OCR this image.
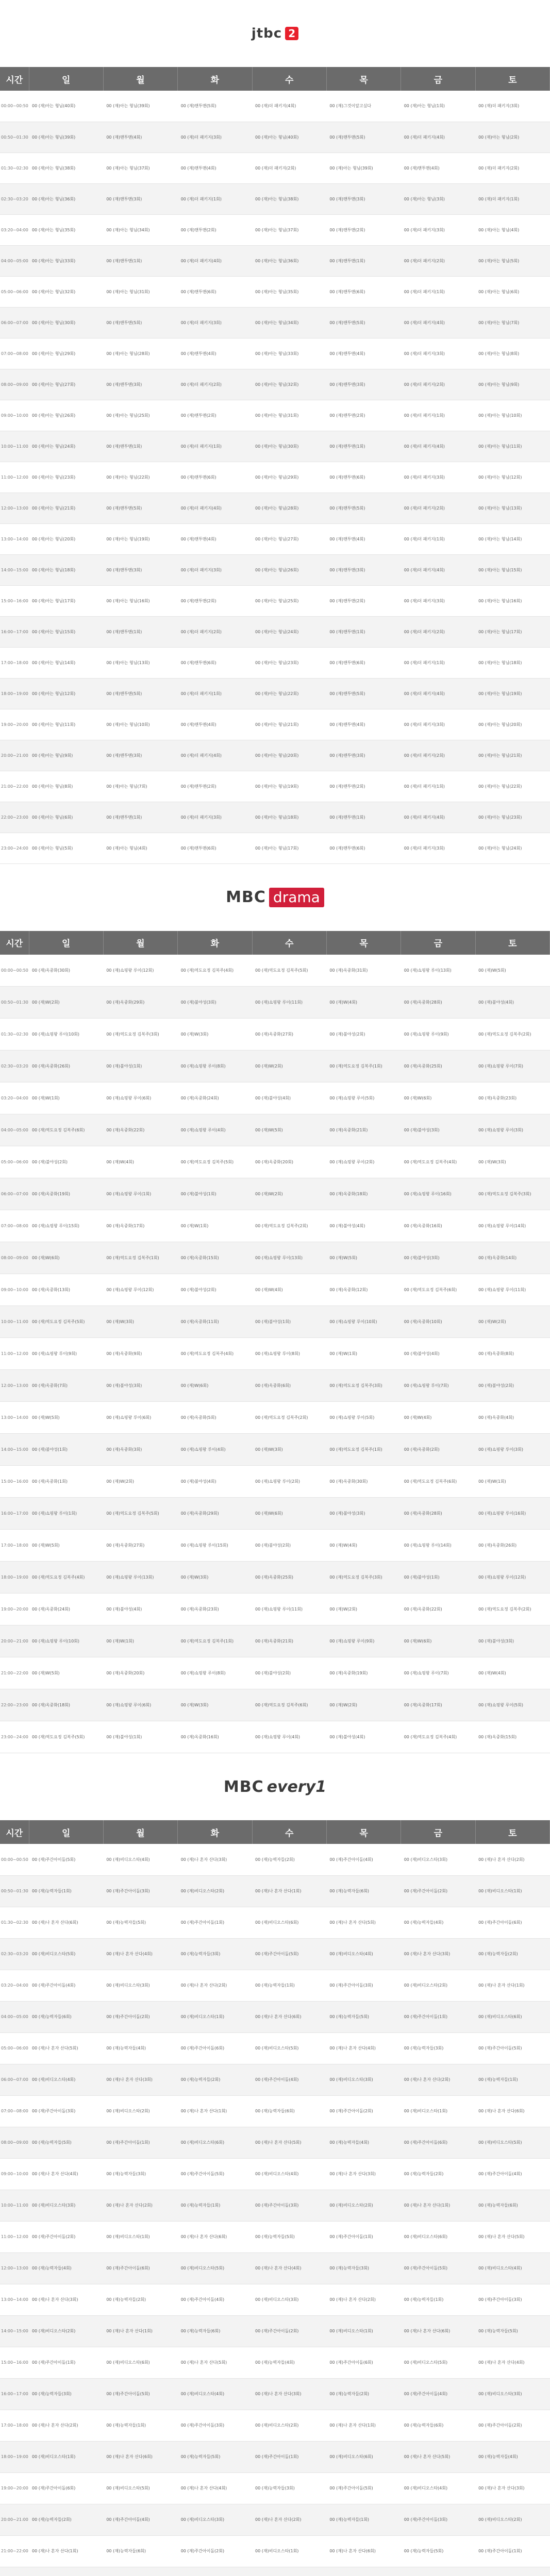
jtbc 2
시간	일	월	화	수	목	금	토
00:00~00:50	00 (재)아는 형님(40회)	00 (재)아는 형님(39회)	00 (재)맨투맨(5회)	00 (재)더 패키지(4회)	00 (재)그것이알고싶다	00 (재)아는 형님(1회)	00 (재)더 패키지(3회)
00:50~01:30	00 (재)아는 형님(39회)	00 (재)맨투맨(4회)	00 (재)더 패키지(3회)	00 (재)아는 형님(40회)	00 (재)맨투맨(5회)	00 (재)더 패키지(4회)	00 (재)아는 형님(2회)
01:30~02:30	00 (재)아는 형님(38회)	00 (재)아는 형님(37회)	00 (재)맨투맨(4회)	00 (재)더 패키지(2회)	00 (재)아는 형님(39회)	00 (재)맨투맨(4회)	00 (재)더 패키지(2회)
02:30~03:20	00 (재)아는 형님(36회)	00 (재)맨투맨(3회)	00 (재)더 패키지(1회)	00 (재)아는 형님(38회)	00 (재)맨투맨(3회)	00 (재)아는 형님(3회)	00 (재)더 패키지(1회)
03:20~04:00	00 (재)아는 형님(35회)	00 (재)아는 형님(34회)	00 (재)맨투맨(2회)	00 (재)아는 형님(37회)	00 (재)맨투맨(2회)	00 (재)더 패키지(3회)	00 (재)아는 형님(4회)
04:00~05:00	00 (재)아는 형님(33회)	00 (재)맨투맨(1회)	00 (재)더 패키지(4회)	00 (재)아는 형님(36회)	00 (재)맨투맨(1회)	00 (재)더 패키지(2회)	00 (재)아는 형님(5회)
05:00~06:00	00 (재)아는 형님(32회)	00 (재)아는 형님(31회)	00 (재)맨투맨(6회)	00 (재)아는 형님(35회)	00 (재)맨투맨(6회)	00 (재)더 패키지(1회)	00 (재)아는 형님(6회)
06:00~07:00	00 (재)아는 형님(30회)	00 (재)맨투맨(5회)	00 (재)더 패키지(3회)	00 (재)아는 형님(34회)	00 (재)맨투맨(5회)	00 (재)더 패키지(4회)	00 (재)아는 형님(7회)
07:00~08:00	00 (재)아는 형님(29회)	00 (재)아는 형님(28회)	00 (재)맨투맨(4회)	00 (재)아는 형님(33회)	00 (재)맨투맨(4회)	00 (재)더 패키지(3회)	00 (재)아는 형님(8회)
08:00~09:00	00 (재)아는 형님(27회)	00 (재)맨투맨(3회)	00 (재)더 패키지(2회)	00 (재)아는 형님(32회)	00 (재)맨투맨(3회)	00 (재)더 패키지(2회)	00 (재)아는 형님(9회)
09:00~10:00	00 (재)아는 형님(26회)	00 (재)아는 형님(25회)	00 (재)맨투맨(2회)	00 (재)아는 형님(31회)	00 (재)맨투맨(2회)	00 (재)더 패키지(1회)	00 (재)아는 형님(10회)
10:00~11:00	00 (재)아는 형님(24회)	00 (재)맨투맨(1회)	00 (재)더 패키지(1회)	00 (재)아는 형님(30회)	00 (재)맨투맨(1회)	00 (재)더 패키지(4회)	00 (재)아는 형님(11회)
11:00~12:00	00 (재)아는 형님(23회)	00 (재)아는 형님(22회)	00 (재)맨투맨(6회)	00 (재)아는 형님(29회)	00 (재)맨투맨(6회)	00 (재)더 패키지(3회)	00 (재)아는 형님(12회)
12:00~13:00	00 (재)아는 형님(21회)	00 (재)맨투맨(5회)	00 (재)더 패키지(4회)	00 (재)아는 형님(28회)	00 (재)맨투맨(5회)	00 (재)더 패키지(2회)	00 (재)아는 형님(13회)
13:00~14:00	00 (재)아는 형님(20회)	00 (재)아는 형님(19회)	00 (재)맨투맨(4회)	00 (재)아는 형님(27회)	00 (재)맨투맨(4회)	00 (재)더 패키지(1회)	00 (재)아는 형님(14회)
14:00~15:00	00 (재)아는 형님(18회)	00 (재)맨투맨(3회)	00 (재)더 패키지(3회)	00 (재)아는 형님(26회)	00 (재)맨투맨(3회)	00 (재)더 패키지(4회)	00 (재)아는 형님(15회)
15:00~16:00	00 (재)아는 형님(17회)	00 (재)아는 형님(16회)	00 (재)맨투맨(2회)	00 (재)아는 형님(25회)	00 (재)맨투맨(2회)	00 (재)더 패키지(3회)	00 (재)아는 형님(16회)
16:00~17:00	00 (재)아는 형님(15회)	00 (재)맨투맨(1회)	00 (재)더 패키지(2회)	00 (재)아는 형님(24회)	00 (재)맨투맨(1회)	00 (재)더 패키지(2회)	00 (재)아는 형님(17회)
17:00~18:00	00 (재)아는 형님(14회)	00 (재)아는 형님(13회)	00 (재)맨투맨(6회)	00 (재)아는 형님(23회)	00 (재)맨투맨(6회)	00 (재)더 패키지(1회)	00 (재)아는 형님(18회)
18:00~19:00	00 (재)아는 형님(12회)	00 (재)맨투맨(5회)	00 (재)더 패키지(1회)	00 (재)아는 형님(22회)	00 (재)맨투맨(5회)	00 (재)더 패키지(4회)	00 (재)아는 형님(19회)
19:00~20:00	00 (재)아는 형님(11회)	00 (재)아는 형님(10회)	00 (재)맨투맨(4회)	00 (재)아는 형님(21회)	00 (재)맨투맨(4회)	00 (재)더 패키지(3회)	00 (재)아는 형님(20회)
20:00~21:00	00 (재)아는 형님(9회)	00 (재)맨투맨(3회)	00 (재)더 패키지(4회)	00 (재)아는 형님(20회)	00 (재)맨투맨(3회)	00 (재)더 패키지(2회)	00 (재)아는 형님(21회)
21:00~22:00	00 (재)아는 형님(8회)	00 (재)아는 형님(7회)	00 (재)맨투맨(2회)	00 (재)아는 형님(19회)	00 (재)맨투맨(2회)	00 (재)더 패키지(1회)	00 (재)아는 형님(22회)
22:00~23:00	00 (재)아는 형님(6회)	00 (재)맨투맨(1회)	00 (재)더 패키지(3회)	00 (재)아는 형님(18회)	00 (재)맨투맨(1회)	00 (재)더 패키지(4회)	00 (재)아는 형님(23회)
23:00~24:00	00 (재)아는 형님(5회)	00 (재)아는 형님(4회)	00 (재)맨투맨(6회)	00 (재)아는 형님(17회)	00 (재)맨투맨(6회)	00 (재)더 패키지(3회)	00 (재)아는 형님(24회)
MBC drama
시간	일	월	화	수	목	금	토
00:00~00:50	00 (재)옥중화(30회)	00 (재)쇼핑왕 루이(12회)	00 (재)역도요정 김복주(4회)	00 (재)역도요정 김복주(5회)	00 (재)옥중화(31회)	00 (재)쇼핑왕 루이(13회)	00 (재)W(5회)
00:50~01:30	00 (재)W(2회)	00 (재)옥중화(29회)	00 (재)불야성(3회)	00 (재)쇼핑왕 루이(11회)	00 (재)W(4회)	00 (재)옥중화(28회)	00 (재)불야성(4회)
01:30~02:30	00 (재)쇼핑왕 루이(10회)	00 (재)역도요정 김복주(3회)	00 (재)W(3회)	00 (재)옥중화(27회)	00 (재)불야성(2회)	00 (재)쇼핑왕 루이(9회)	00 (재)역도요정 김복주(2회)
02:30~03:20	00 (재)옥중화(26회)	00 (재)불야성(1회)	00 (재)쇼핑왕 루이(8회)	00 (재)W(2회)	00 (재)역도요정 김복주(1회)	00 (재)옥중화(25회)	00 (재)쇼핑왕 루이(7회)
03:20~04:00	00 (재)W(1회)	00 (재)쇼핑왕 루이(6회)	00 (재)옥중화(24회)	00 (재)불야성(4회)	00 (재)쇼핑왕 루이(5회)	00 (재)W(6회)	00 (재)옥중화(23회)
04:00~05:00	00 (재)역도요정 김복주(6회)	00 (재)옥중화(22회)	00 (재)쇼핑왕 루이(4회)	00 (재)W(5회)	00 (재)옥중화(21회)	00 (재)불야성(3회)	00 (재)쇼핑왕 루이(3회)
05:00~06:00	00 (재)불야성(2회)	00 (재)W(4회)	00 (재)역도요정 김복주(5회)	00 (재)옥중화(20회)	00 (재)쇼핑왕 루이(2회)	00 (재)역도요정 김복주(4회)	00 (재)W(3회)
06:00~07:00	00 (재)옥중화(19회)	00 (재)쇼핑왕 루이(1회)	00 (재)불야성(1회)	00 (재)W(2회)	00 (재)옥중화(18회)	00 (재)쇼핑왕 루이(16회)	00 (재)역도요정 김복주(3회)
07:00~08:00	00 (재)쇼핑왕 루이(15회)	00 (재)옥중화(17회)	00 (재)W(1회)	00 (재)역도요정 김복주(2회)	00 (재)불야성(4회)	00 (재)옥중화(16회)	00 (재)쇼핑왕 루이(14회)
08:00~09:00	00 (재)W(6회)	00 (재)역도요정 김복주(1회)	00 (재)옥중화(15회)	00 (재)쇼핑왕 루이(13회)	00 (재)W(5회)	00 (재)불야성(3회)	00 (재)옥중화(14회)
09:00~10:00	00 (재)옥중화(13회)	00 (재)쇼핑왕 루이(12회)	00 (재)불야성(2회)	00 (재)W(4회)	00 (재)옥중화(12회)	00 (재)역도요정 김복주(6회)	00 (재)쇼핑왕 루이(11회)
10:00~11:00	00 (재)역도요정 김복주(5회)	00 (재)W(3회)	00 (재)옥중화(11회)	00 (재)불야성(1회)	00 (재)쇼핑왕 루이(10회)	00 (재)옥중화(10회)	00 (재)W(2회)
11:00~12:00	00 (재)쇼핑왕 루이(9회)	00 (재)옥중화(9회)	00 (재)역도요정 김복주(4회)	00 (재)쇼핑왕 루이(8회)	00 (재)W(1회)	00 (재)불야성(4회)	00 (재)옥중화(8회)
12:00~13:00	00 (재)옥중화(7회)	00 (재)불야성(3회)	00 (재)W(6회)	00 (재)옥중화(6회)	00 (재)역도요정 김복주(3회)	00 (재)쇼핑왕 루이(7회)	00 (재)불야성(2회)
13:00~14:00	00 (재)W(5회)	00 (재)쇼핑왕 루이(6회)	00 (재)옥중화(5회)	00 (재)역도요정 김복주(2회)	00 (재)쇼핑왕 루이(5회)	00 (재)W(4회)	00 (재)옥중화(4회)
14:00~15:00	00 (재)불야성(1회)	00 (재)옥중화(3회)	00 (재)쇼핑왕 루이(4회)	00 (재)W(3회)	00 (재)역도요정 김복주(1회)	00 (재)옥중화(2회)	00 (재)쇼핑왕 루이(3회)
15:00~16:00	00 (재)옥중화(1회)	00 (재)W(2회)	00 (재)불야성(4회)	00 (재)쇼핑왕 루이(2회)	00 (재)옥중화(30회)	00 (재)역도요정 김복주(6회)	00 (재)W(1회)
16:00~17:00	00 (재)쇼핑왕 루이(1회)	00 (재)역도요정 김복주(5회)	00 (재)옥중화(29회)	00 (재)W(6회)	00 (재)불야성(3회)	00 (재)옥중화(28회)	00 (재)쇼핑왕 루이(16회)
17:00~18:00	00 (재)W(5회)	00 (재)옥중화(27회)	00 (재)쇼핑왕 루이(15회)	00 (재)불야성(2회)	00 (재)W(4회)	00 (재)쇼핑왕 루이(14회)	00 (재)옥중화(26회)
18:00~19:00	00 (재)역도요정 김복주(4회)	00 (재)쇼핑왕 루이(13회)	00 (재)W(3회)	00 (재)옥중화(25회)	00 (재)역도요정 김복주(3회)	00 (재)불야성(1회)	00 (재)쇼핑왕 루이(12회)
19:00~20:00	00 (재)옥중화(24회)	00 (재)불야성(4회)	00 (재)옥중화(23회)	00 (재)쇼핑왕 루이(11회)	00 (재)W(2회)	00 (재)옥중화(22회)	00 (재)역도요정 김복주(2회)
20:00~21:00	00 (재)쇼핑왕 루이(10회)	00 (재)W(1회)	00 (재)역도요정 김복주(1회)	00 (재)옥중화(21회)	00 (재)쇼핑왕 루이(9회)	00 (재)W(6회)	00 (재)불야성(3회)
21:00~22:00	00 (재)W(5회)	00 (재)옥중화(20회)	00 (재)쇼핑왕 루이(8회)	00 (재)불야성(2회)	00 (재)옥중화(19회)	00 (재)쇼핑왕 루이(7회)	00 (재)W(4회)
22:00~23:00	00 (재)옥중화(18회)	00 (재)쇼핑왕 루이(6회)	00 (재)W(3회)	00 (재)역도요정 김복주(6회)	00 (재)W(2회)	00 (재)옥중화(17회)	00 (재)쇼핑왕 루이(5회)
23:00~24:00	00 (재)역도요정 김복주(5회)	00 (재)불야성(1회)	00 (재)옥중화(16회)	00 (재)쇼핑왕 루이(4회)	00 (재)불야성(4회)	00 (재)역도요정 김복주(4회)	00 (재)옥중화(15회)
MBC every1
시간	일	월	화	수	목	금	토
00:00~00:50	00 (재)주간아이돌(5회)	00 (재)비디오스타(4회)	00 (재)나 혼자 산다(3회)	00 (재)능력자들(2회)	00 (재)주간아이돌(4회)	00 (재)비디오스타(3회)	00 (재)나 혼자 산다(2회)
00:50~01:30	00 (재)능력자들(1회)	00 (재)주간아이돌(3회)	00 (재)비디오스타(2회)	00 (재)나 혼자 산다(1회)	00 (재)능력자들(6회)	00 (재)주간아이돌(2회)	00 (재)비디오스타(1회)
01:30~02:30	00 (재)나 혼자 산다(6회)	00 (재)능력자들(5회)	00 (재)주간아이돌(1회)	00 (재)비디오스타(6회)	00 (재)나 혼자 산다(5회)	00 (재)능력자들(4회)	00 (재)주간아이돌(6회)
02:30~03:20	00 (재)비디오스타(5회)	00 (재)나 혼자 산다(4회)	00 (재)능력자들(3회)	00 (재)주간아이돌(5회)	00 (재)비디오스타(4회)	00 (재)나 혼자 산다(3회)	00 (재)능력자들(2회)
03:20~04:00	00 (재)주간아이돌(4회)	00 (재)비디오스타(3회)	00 (재)나 혼자 산다(2회)	00 (재)능력자들(1회)	00 (재)주간아이돌(3회)	00 (재)비디오스타(2회)	00 (재)나 혼자 산다(1회)
04:00~05:00	00 (재)능력자들(6회)	00 (재)주간아이돌(2회)	00 (재)비디오스타(1회)	00 (재)나 혼자 산다(6회)	00 (재)능력자들(5회)	00 (재)주간아이돌(1회)	00 (재)비디오스타(6회)
05:00~06:00	00 (재)나 혼자 산다(5회)	00 (재)능력자들(4회)	00 (재)주간아이돌(6회)	00 (재)비디오스타(5회)	00 (재)나 혼자 산다(4회)	00 (재)능력자들(3회)	00 (재)주간아이돌(5회)
06:00~07:00	00 (재)비디오스타(4회)	00 (재)나 혼자 산다(3회)	00 (재)능력자들(2회)	00 (재)주간아이돌(4회)	00 (재)비디오스타(3회)	00 (재)나 혼자 산다(2회)	00 (재)능력자들(1회)
07:00~08:00	00 (재)주간아이돌(3회)	00 (재)비디오스타(2회)	00 (재)나 혼자 산다(1회)	00 (재)능력자들(6회)	00 (재)주간아이돌(2회)	00 (재)비디오스타(1회)	00 (재)나 혼자 산다(6회)
08:00~09:00	00 (재)능력자들(5회)	00 (재)주간아이돌(1회)	00 (재)비디오스타(6회)	00 (재)나 혼자 산다(5회)	00 (재)능력자들(4회)	00 (재)주간아이돌(6회)	00 (재)비디오스타(5회)
09:00~10:00	00 (재)나 혼자 산다(4회)	00 (재)능력자들(3회)	00 (재)주간아이돌(5회)	00 (재)비디오스타(4회)	00 (재)나 혼자 산다(3회)	00 (재)능력자들(2회)	00 (재)주간아이돌(4회)
10:00~11:00	00 (재)비디오스타(3회)	00 (재)나 혼자 산다(2회)	00 (재)능력자들(1회)	00 (재)주간아이돌(3회)	00 (재)비디오스타(2회)	00 (재)나 혼자 산다(1회)	00 (재)능력자들(6회)
11:00~12:00	00 (재)주간아이돌(2회)	00 (재)비디오스타(1회)	00 (재)나 혼자 산다(6회)	00 (재)능력자들(5회)	00 (재)주간아이돌(1회)	00 (재)비디오스타(6회)	00 (재)나 혼자 산다(5회)
12:00~13:00	00 (재)능력자들(4회)	00 (재)주간아이돌(6회)	00 (재)비디오스타(5회)	00 (재)나 혼자 산다(4회)	00 (재)능력자들(3회)	00 (재)주간아이돌(5회)	00 (재)비디오스타(4회)
13:00~14:00	00 (재)나 혼자 산다(3회)	00 (재)능력자들(2회)	00 (재)주간아이돌(4회)	00 (재)비디오스타(3회)	00 (재)나 혼자 산다(2회)	00 (재)능력자들(1회)	00 (재)주간아이돌(3회)
14:00~15:00	00 (재)비디오스타(2회)	00 (재)나 혼자 산다(1회)	00 (재)능력자들(6회)	00 (재)주간아이돌(2회)	00 (재)비디오스타(1회)	00 (재)나 혼자 산다(6회)	00 (재)능력자들(5회)
15:00~16:00	00 (재)주간아이돌(1회)	00 (재)비디오스타(6회)	00 (재)나 혼자 산다(5회)	00 (재)능력자들(4회)	00 (재)주간아이돌(6회)	00 (재)비디오스타(5회)	00 (재)나 혼자 산다(4회)
16:00~17:00	00 (재)능력자들(3회)	00 (재)주간아이돌(5회)	00 (재)비디오스타(4회)	00 (재)나 혼자 산다(3회)	00 (재)능력자들(2회)	00 (재)주간아이돌(4회)	00 (재)비디오스타(3회)
17:00~18:00	00 (재)나 혼자 산다(2회)	00 (재)능력자들(1회)	00 (재)주간아이돌(3회)	00 (재)비디오스타(2회)	00 (재)나 혼자 산다(1회)	00 (재)능력자들(6회)	00 (재)주간아이돌(2회)
18:00~19:00	00 (재)비디오스타(1회)	00 (재)나 혼자 산다(6회)	00 (재)능력자들(5회)	00 (재)주간아이돌(1회)	00 (재)비디오스타(6회)	00 (재)나 혼자 산다(5회)	00 (재)능력자들(4회)
19:00~20:00	00 (재)주간아이돌(6회)	00 (재)비디오스타(5회)	00 (재)나 혼자 산다(4회)	00 (재)능력자들(3회)	00 (재)주간아이돌(5회)	00 (재)비디오스타(4회)	00 (재)나 혼자 산다(3회)
20:00~21:00	00 (재)능력자들(2회)	00 (재)주간아이돌(4회)	00 (재)비디오스타(3회)	00 (재)나 혼자 산다(2회)	00 (재)능력자들(1회)	00 (재)주간아이돌(3회)	00 (재)비디오스타(2회)
21:00~22:00	00 (재)나 혼자 산다(1회)	00 (재)능력자들(6회)	00 (재)주간아이돌(2회)	00 (재)비디오스타(1회)	00 (재)나 혼자 산다(6회)	00 (재)능력자들(5회)	00 (재)주간아이돌(1회)
